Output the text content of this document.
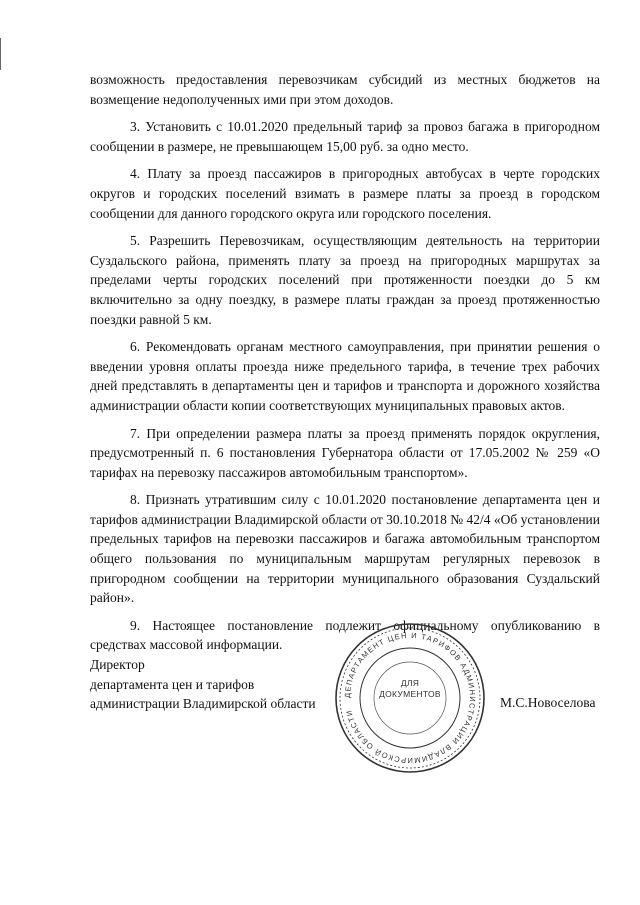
возможность предоставления перевозчикам субсидий из местных бюджетов на возмещение недополученных ими при этом доходов.

3. Установить с 10.01.2020 предельный тариф за провоз багажа в пригородном сообщении в размере, не превышающем 15,00 руб. за одно место.

4. Плату за проезд пассажиров в пригородных автобусах в черте городских округов и городских поселений взимать в размере платы за проезд в городском сообщении для данного городского округа или городского поселения.

5. Разрешить Перевозчикам, осуществляющим деятельность на территории Суздальского района, применять плату за проезд на пригородных маршрутах за пределами черты городских поселений при протяженности поездки до 5 км включительно за одну поездку, в размере платы граждан за проезд протяженностью поездки равной 5 км.

6. Рекомендовать органам местного самоуправления, при принятии решения о введении уровня оплаты проезда ниже предельного тарифа, в течение трех рабочих дней представлять в департаменты цен и тарифов и транспорта и дорожного хозяйства администрации области копии соответствующих муниципальных правовых актов.

7. При определении размера платы за проезд применять порядок округления, предусмотренный п. 6 постановления Губернатора области от 17.05.2002 № 259 «О тарифах на перевозку пассажиров автомобильным транспортом».

8. Признать утратившим силу с 10.01.2020 постановление департамента цен и тарифов администрации Владимирской области от 30.10.2018 № 42/4 «Об установлении предельных тарифов на перевозки пассажиров и багажа автомобильным транспортом общего пользования по муниципальным маршрутам регулярных перевозок в пригородном сообщении на территории муниципального образования Суздальский район».

9. Настоящее постановление подлежит официальному опубликованию в средствах массовой информации.

Директор
департамента цен и тарифов
администрации Владимирской области
ДЕПАРТАМЕНТ ЦЕН И ТАРИФОВ АДМИНИСТРАЦИИ ВЛАДИМИРСКОЙ ОБЛАСТИ
ДЛЯ
ДОКУМЕНТОВ
М.С.Новоселова
